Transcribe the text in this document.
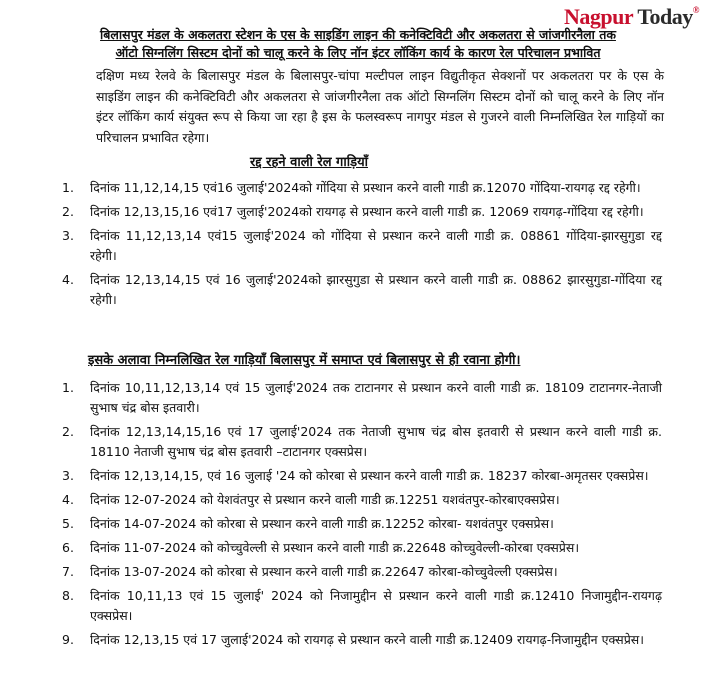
Nagpur Today®
बिलासपुर मंडल के अकलतरा स्टेशन के एस के साइडिंग लाइन की कनेक्टिविटी और अकलतरा से जांजगीरनैला तक
ऑटो सिग्नलिंग सिस्टम दोनों को चालू करने के लिए नॉन इंटर लॉकिंग कार्य के कारण रेल परिचालन प्रभावित
दक्षिण मध्य रेलवे के बिलासपुर मंडल के बिलासपुर-चांपा मल्टीपल लाइन विद्युतीकृत सेक्शनों पर अकलतरा पर के एस के साइडिंग लाइन की कनेक्टिविटी और अकलतरा से जांजगीरनैला तक ऑटो सिग्नलिंग सिस्टम दोनों को चालू करने के लिए नॉन इंटर लॉकिंग कार्य संयुक्त रूप से किया जा रहा है इस के फलस्वरूप नागपुर मंडल से गुजरने वाली निम्नलिखित रेल गाड़ियों का परिचालन प्रभावित रहेगा।
रद्द रहने वाली रेल गाड़ियाँ
1. दिनांक 11,12,14,15 एवं16 जुलाई'2024को गोंदिया से प्रस्थान करने वाली गाडी क्र.12070 गोंदिया-रायगढ़ रद्द रहेगी।
2. दिनांक 12,13,15,16 एवं17 जुलाई'2024को रायगढ़ से प्रस्थान करने वाली गाडी क्र. 12069 रायगढ़-गोंदिया रद्द रहेगी।
3. दिनांक 11,12,13,14 एवं15 जुलाई'2024 को गोंदिया से प्रस्थान करने वाली गाडी क्र. 08861 गोंदिया-झारसुगुडा रद्द रहेगी।
4. दिनांक 12,13,14,15 एवं 16 जुलाई'2024को झारसुगुडा से प्रस्थान करने वाली गाडी क्र. 08862 झारसुगुडा-गोंदिया रद्द रहेगी।
इसके अलावा निम्नलिखित रेल गाड़ियाँ बिलासपुर में समाप्त एवं बिलासपुर से ही रवाना होगी।
1. दिनांक 10,11,12,13,14 एवं 15 जुलाई'2024 तक टाटानगर से प्रस्थान करने वाली गाडी क्र. 18109 टाटानगर-नेताजी सुभाष चंद्र बोस इतवारी।
2. दिनांक 12,13,14,15,16 एवं 17 जुलाई'2024 तक नेताजी सुभाष चंद्र बोस इतवारी से प्रस्थान करने वाली गाडी क्र. 18110 नेताजी सुभाष चंद्र बोस इतवारी –टाटानगर एक्सप्रेस।
3. दिनांक 12,13,14,15, एवं 16 जुलाई '24 को कोरबा से प्रस्थान करने वाली गाडी क्र. 18237 कोरबा-अमृतसर एक्सप्रेस।
4. दिनांक 12-07-2024 को येशवंतपुर से प्रस्थान करने वाली गाडी क्र.12251 यशवंतपुर-कोरबाएक्सप्रेस।
5. दिनांक 14-07-2024 को कोरबा से प्रस्थान करने वाली गाडी क्र.12252 कोरबा- यशवंतपुर एक्सप्रेस।
6. दिनांक 11-07-2024 को कोच्चुवेल्ली से प्रस्थान करने वाली गाडी क्र.22648 कोच्चुवेल्ली-कोरबा एक्सप्रेस।
7. दिनांक 13-07-2024 को कोरबा से प्रस्थान करने वाली गाडी क्र.22647 कोरबा-कोच्चुवेल्ली एक्सप्रेस।
8. दिनांक 10,11,13 एवं 15 जुलाई' 2024 को निजामुद्दीन से प्रस्थान करने वाली गाडी क्र.12410 निजामुद्दीन-रायगढ़ एक्सप्रेस।
9. दिनांक 12,13,15 एवं 17 जुलाई'2024 को रायगढ़ से प्रस्थान करने वाली गाडी क्र.12409 रायगढ़-निजामुद्दीन एक्सप्रेस।
